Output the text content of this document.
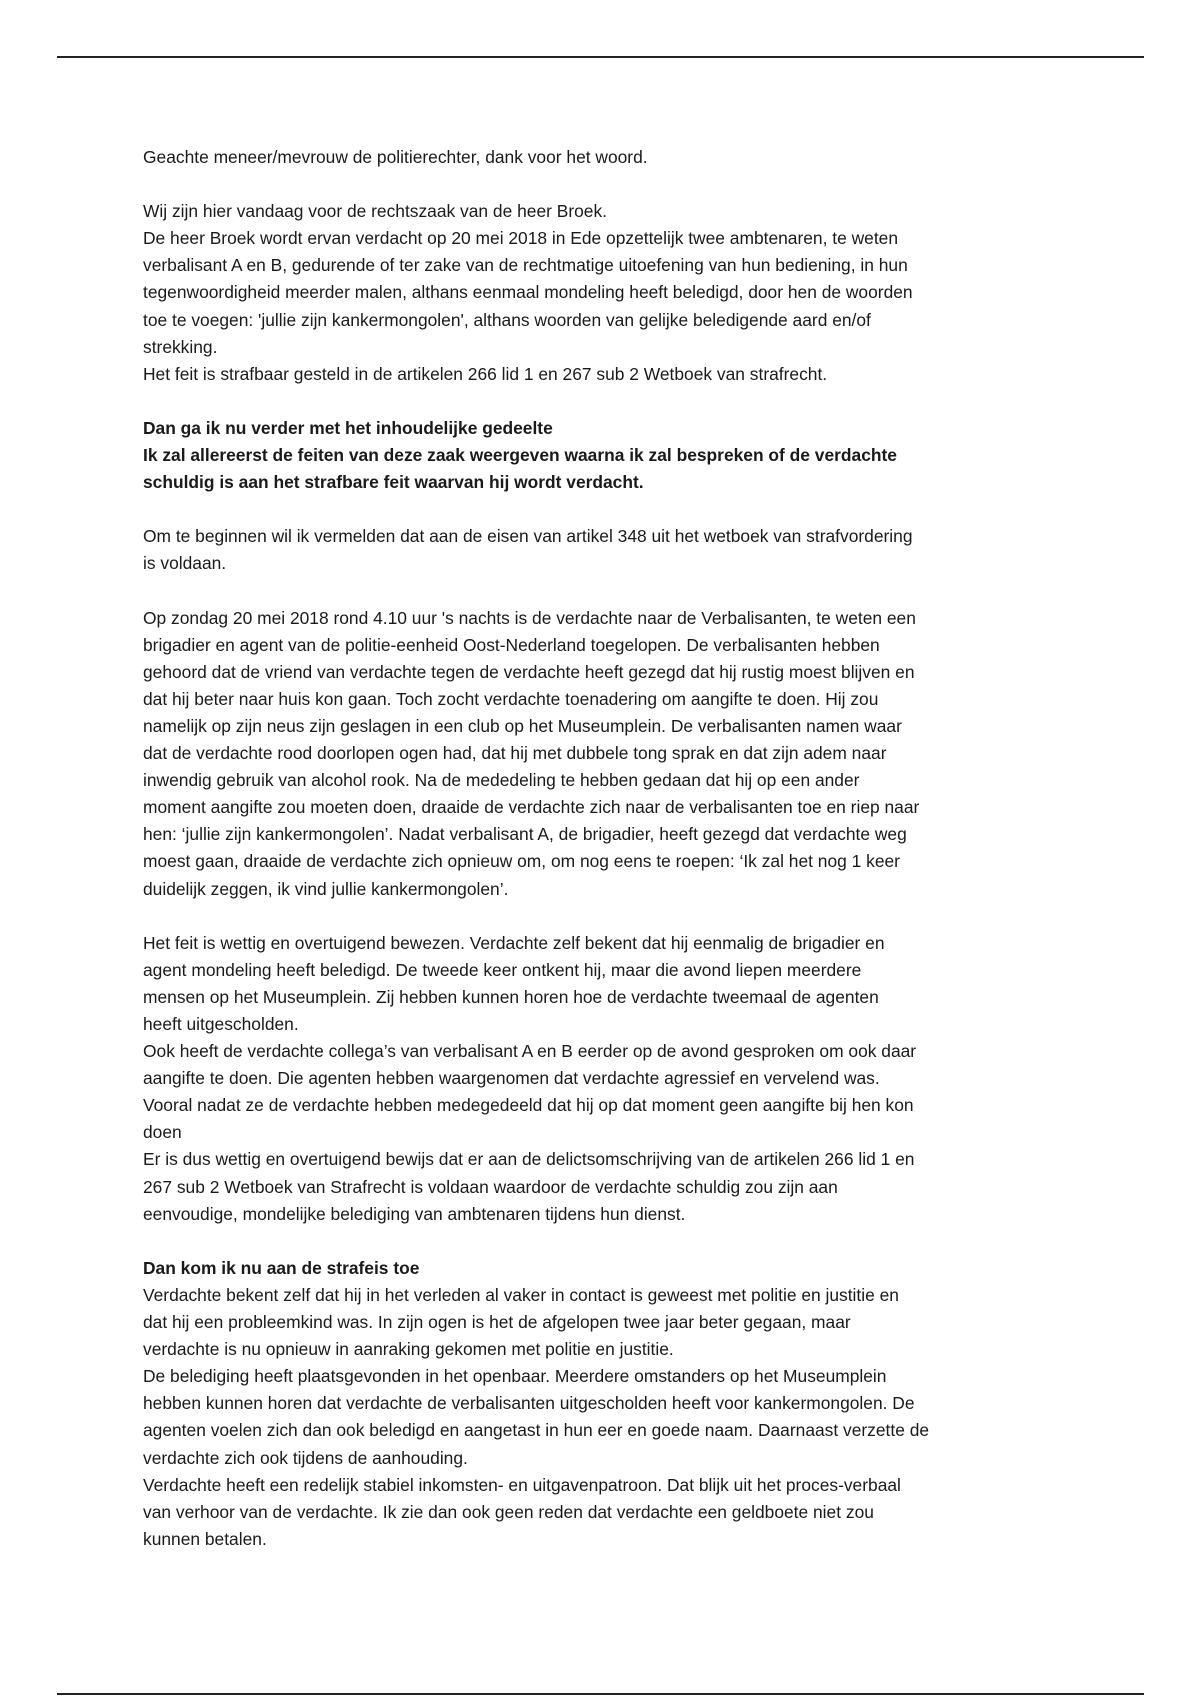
Geachte meneer/mevrouw de politierechter, dank voor het woord.
Wij zijn hier vandaag voor de rechtszaak van de heer Broek.
De heer Broek wordt ervan verdacht op 20 mei 2018 in Ede opzettelijk twee ambtenaren, te weten
verbalisant A en B, gedurende of ter zake van de rechtmatige uitoefening van hun bediening, in hun
tegenwoordigheid meerder malen, althans eenmaal mondeling heeft beledigd, door hen de woorden
toe te voegen: 'jullie zijn kankermongolen', althans woorden van gelijke beledigende aard en/of
strekking.
Het feit is strafbaar gesteld in de artikelen 266 lid 1 en 267 sub 2 Wetboek van strafrecht.
Dan ga ik nu verder met het inhoudelijke gedeelte
Ik zal allereerst de feiten van deze zaak weergeven waarna ik zal bespreken of de verdachte
schuldig is aan het strafbare feit waarvan hij wordt verdacht.
Om te beginnen wil ik vermelden dat aan de eisen van artikel 348 uit het wetboek van strafvordering
is voldaan.
Op zondag 20 mei 2018 rond 4.10 uur 's nachts is de verdachte naar de Verbalisanten, te weten een
brigadier en agent van de politie-eenheid Oost-Nederland toegelopen. De verbalisanten hebben
gehoord dat de vriend van verdachte tegen de verdachte heeft gezegd dat hij rustig moest blijven en
dat hij beter naar huis kon gaan. Toch zocht verdachte toenadering om aangifte te doen. Hij zou
namelijk op zijn neus zijn geslagen in een club op het Museumplein. De verbalisanten namen waar
dat de verdachte rood doorlopen ogen had, dat hij met dubbele tong sprak en dat zijn adem naar
inwendig gebruik van alcohol rook. Na de mededeling te hebben gedaan dat hij op een ander
moment aangifte zou moeten doen, draaide de verdachte zich naar de verbalisanten toe en riep naar
hen: ‘jullie zijn kankermongolen’. Nadat verbalisant A, de brigadier, heeft gezegd dat verdachte weg
moest gaan, draaide de verdachte zich opnieuw om, om nog eens te roepen: ‘Ik zal het nog 1 keer
duidelijk zeggen, ik vind jullie kankermongolen’.
Het feit is wettig en overtuigend bewezen. Verdachte zelf bekent dat hij eenmalig de brigadier en
agent mondeling heeft beledigd. De tweede keer ontkent hij, maar die avond liepen meerdere
mensen op het Museumplein. Zij hebben kunnen horen hoe de verdachte tweemaal de agenten
heeft uitgescholden.
Ook heeft de verdachte collega’s van verbalisant A en B eerder op de avond gesproken om ook daar
aangifte te doen. Die agenten hebben waargenomen dat verdachte agressief en vervelend was.
Vooral nadat ze de verdachte hebben medegedeeld dat hij op dat moment geen aangifte bij hen kon
doen
Er is dus wettig en overtuigend bewijs dat er aan de delictsomschrijving van de artikelen 266 lid 1 en
267 sub 2 Wetboek van Strafrecht is voldaan waardoor de verdachte schuldig zou zijn aan
eenvoudige, mondelijke belediging van ambtenaren tijdens hun dienst.
Dan kom ik nu aan de strafeis toe
Verdachte bekent zelf dat hij in het verleden al vaker in contact is geweest met politie en justitie en
dat hij een probleemkind was. In zijn ogen is het de afgelopen twee jaar beter gegaan, maar
verdachte is nu opnieuw in aanraking gekomen met politie en justitie.
De belediging heeft plaatsgevonden in het openbaar. Meerdere omstanders op het Museumplein
hebben kunnen horen dat verdachte de verbalisanten uitgescholden heeft voor kankermongolen. De
agenten voelen zich dan ook beledigd en aangetast in hun eer en goede naam. Daarnaast verzette de
verdachte zich ook tijdens de aanhouding.
Verdachte heeft een redelijk stabiel inkomsten- en uitgavenpatroon. Dat blijk uit het proces-verbaal
van verhoor van de verdachte. Ik zie dan ook geen reden dat verdachte een geldboete niet zou
kunnen betalen.
